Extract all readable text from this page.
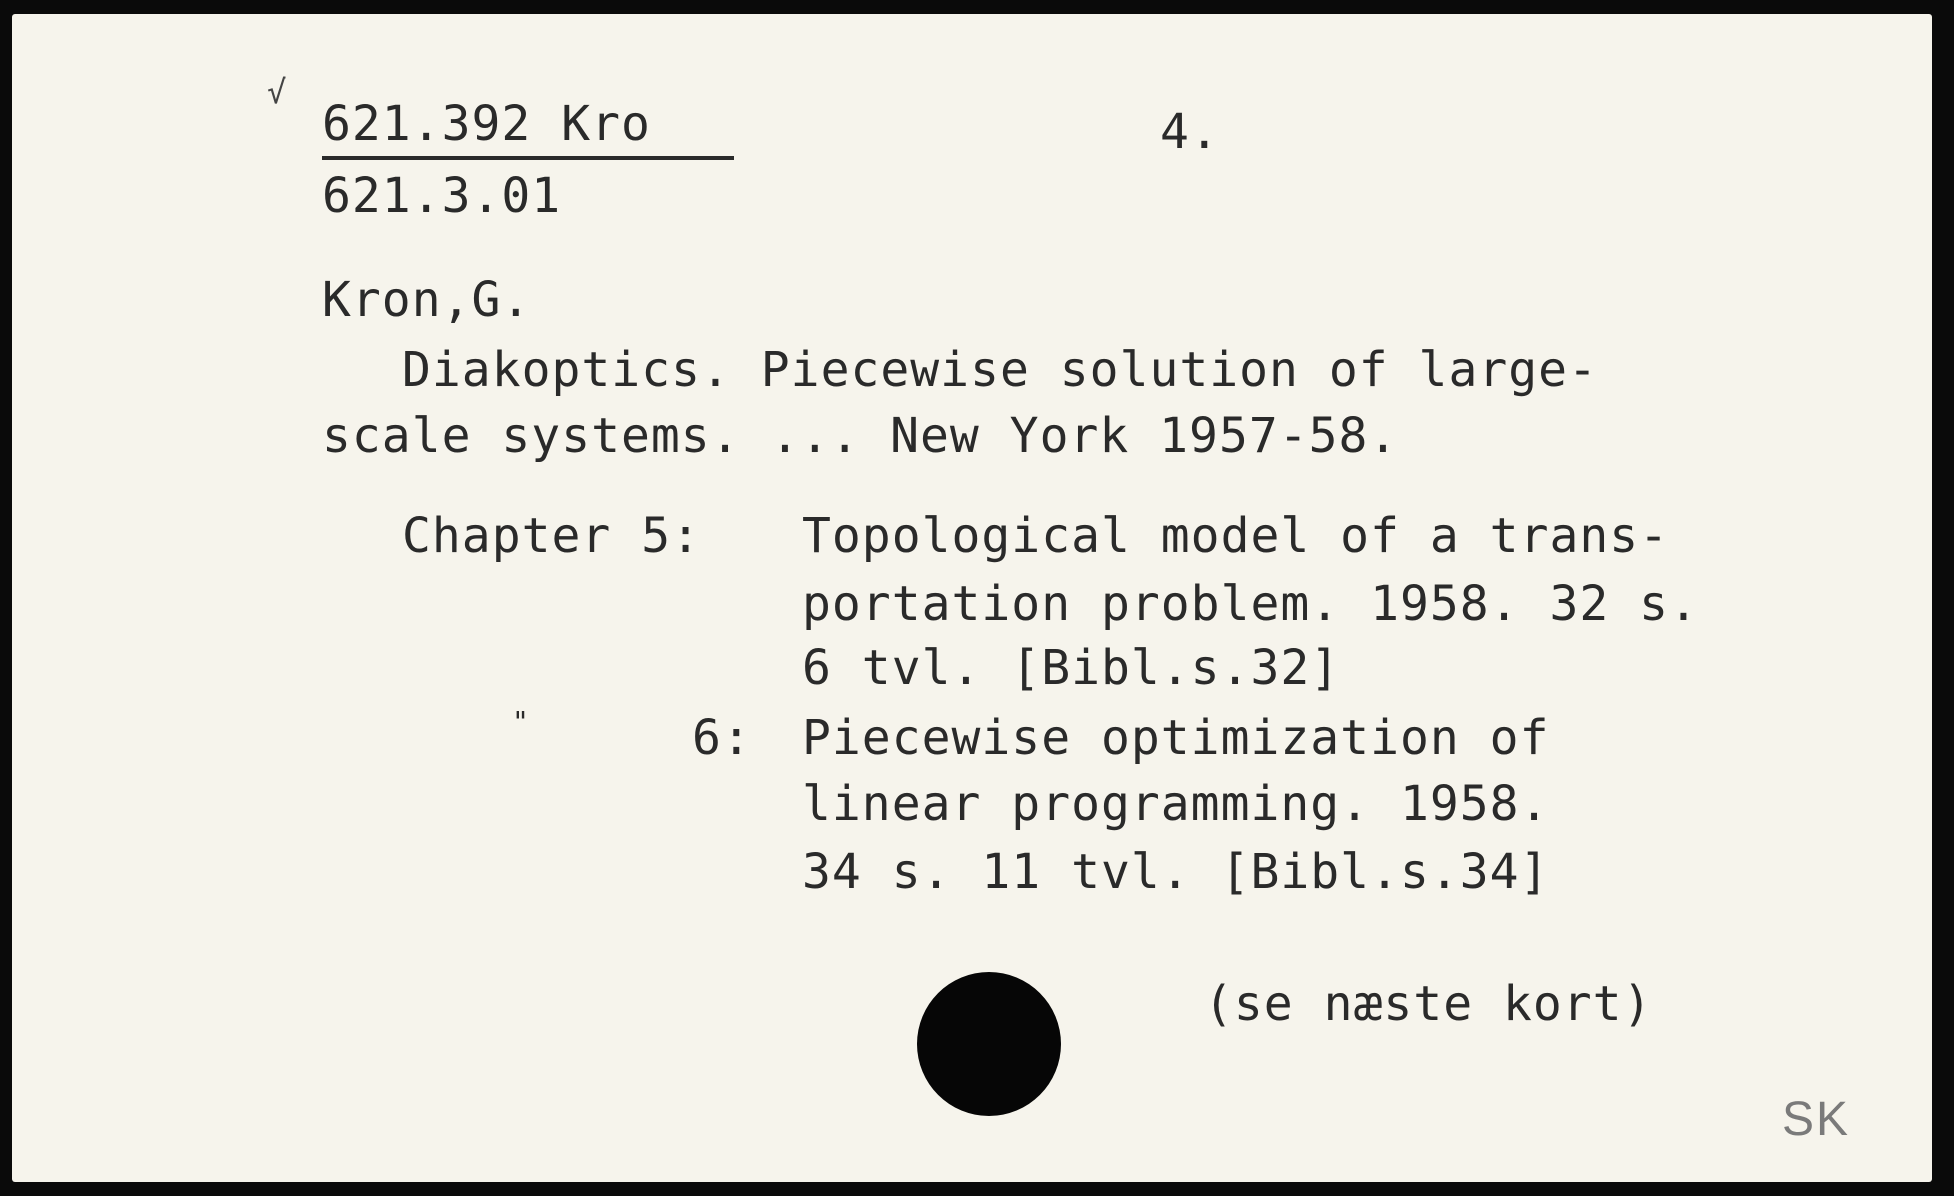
√
621.392 Kro
621.3.01
4.
Kron,G.
Diakoptics. Piecewise solution of large-
scale systems. ... New York 1957-58.
Chapter 5: Topological model of a trans-
portation problem. 1958. 32 s.
6 tvl. [Bibl.s.32]
"	6: Piecewise optimization of
linear programming. 1958.
34 s. 11 tvl. [Bibl.s.34]
(se næste kort)
SK
